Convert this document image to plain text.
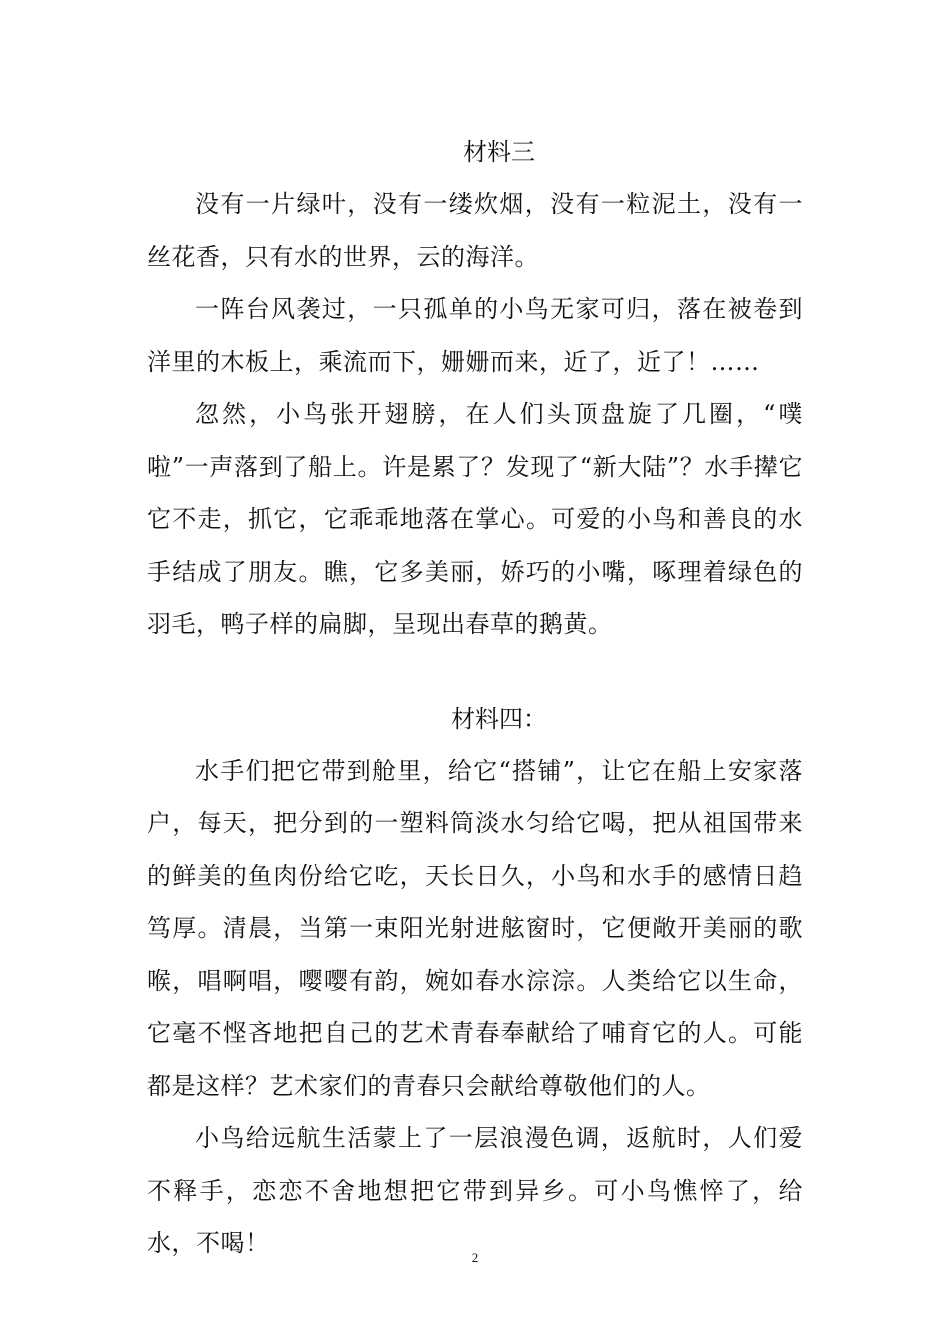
材料三

没有一片绿叶，没有一缕炊烟，没有一粒泥土，没有一丝花香，只有水的世界，云的海洋。

一阵台风袭过，一只孤单的小鸟无家可归，落在被卷到洋里的木板上，乘流而下，姗姗而来，近了，近了！……

忽然，小鸟张开翅膀，在人们头顶盘旋了几圈，“噗啦”一声落到了船上。许是累了？发现了“新大陆”？水手撵它它不走，抓它，它乖乖地落在掌心。可爱的小鸟和善良的水手结成了朋友。瞧，它多美丽，娇巧的小嘴，啄理着绿色的羽毛，鸭子样的扁脚，呈现出春草的鹅黄。

材料四：

水手们把它带到舱里，给它“搭铺”，让它在船上安家落户，每天，把分到的一塑料筒淡水匀给它喝，把从祖国带来的鲜美的鱼肉份给它吃，天长日久，小鸟和水手的感情日趋笃厚。清晨，当第一束阳光射进舷窗时，它便敞开美丽的歌喉，唱啊唱，嘤嘤有韵，婉如春水淙淙。人类给它以生命，它毫不悭吝地把自己的艺术青春奉献给了哺育它的人。可能都是这样？艺术家们的青春只会献给尊敬他们的人。

小鸟给远航生活蒙上了一层浪漫色调，返航时，人们爱不释手，恋恋不舍地想把它带到异乡。可小鸟憔悴了，给水，不喝！

2
